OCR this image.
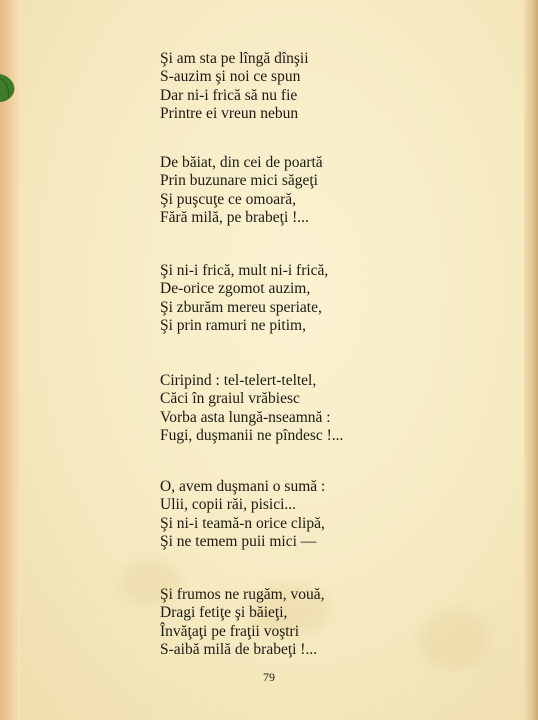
Şi am sta pe lîngă dînşii
S-auzim şi noi ce spun
Dar ni-i frică să nu fie
Printre ei vreun nebun

De băiat, din cei de poartă
Prin buzunare mici săgeţi
Şi puşcuţe ce omoară,
Fără milă, pe brabeţi !...

Şi ni-i frică, mult ni-i frică,
De-orice zgomot auzim,
Şi zburăm mereu speriate,
Şi prin ramuri ne pitim,

Ciripind : tel-telert-teltel,
Căci în graiul vrăbiesc
Vorba asta lungă-nseamnă :
Fugi, duşmanii ne pîndesc !...

O, avem duşmani o sumă :
Ulii, copii răi, pisici...
Şi ni-i teamă-n orice clipă,
Şi ne temem puii mici —

Şi frumos ne rugăm, vouă,
Dragi fetiţe şi băieţi,
Învăţaţi pe fraţii voştri
S-aibă milă de brabeţi !...

79
